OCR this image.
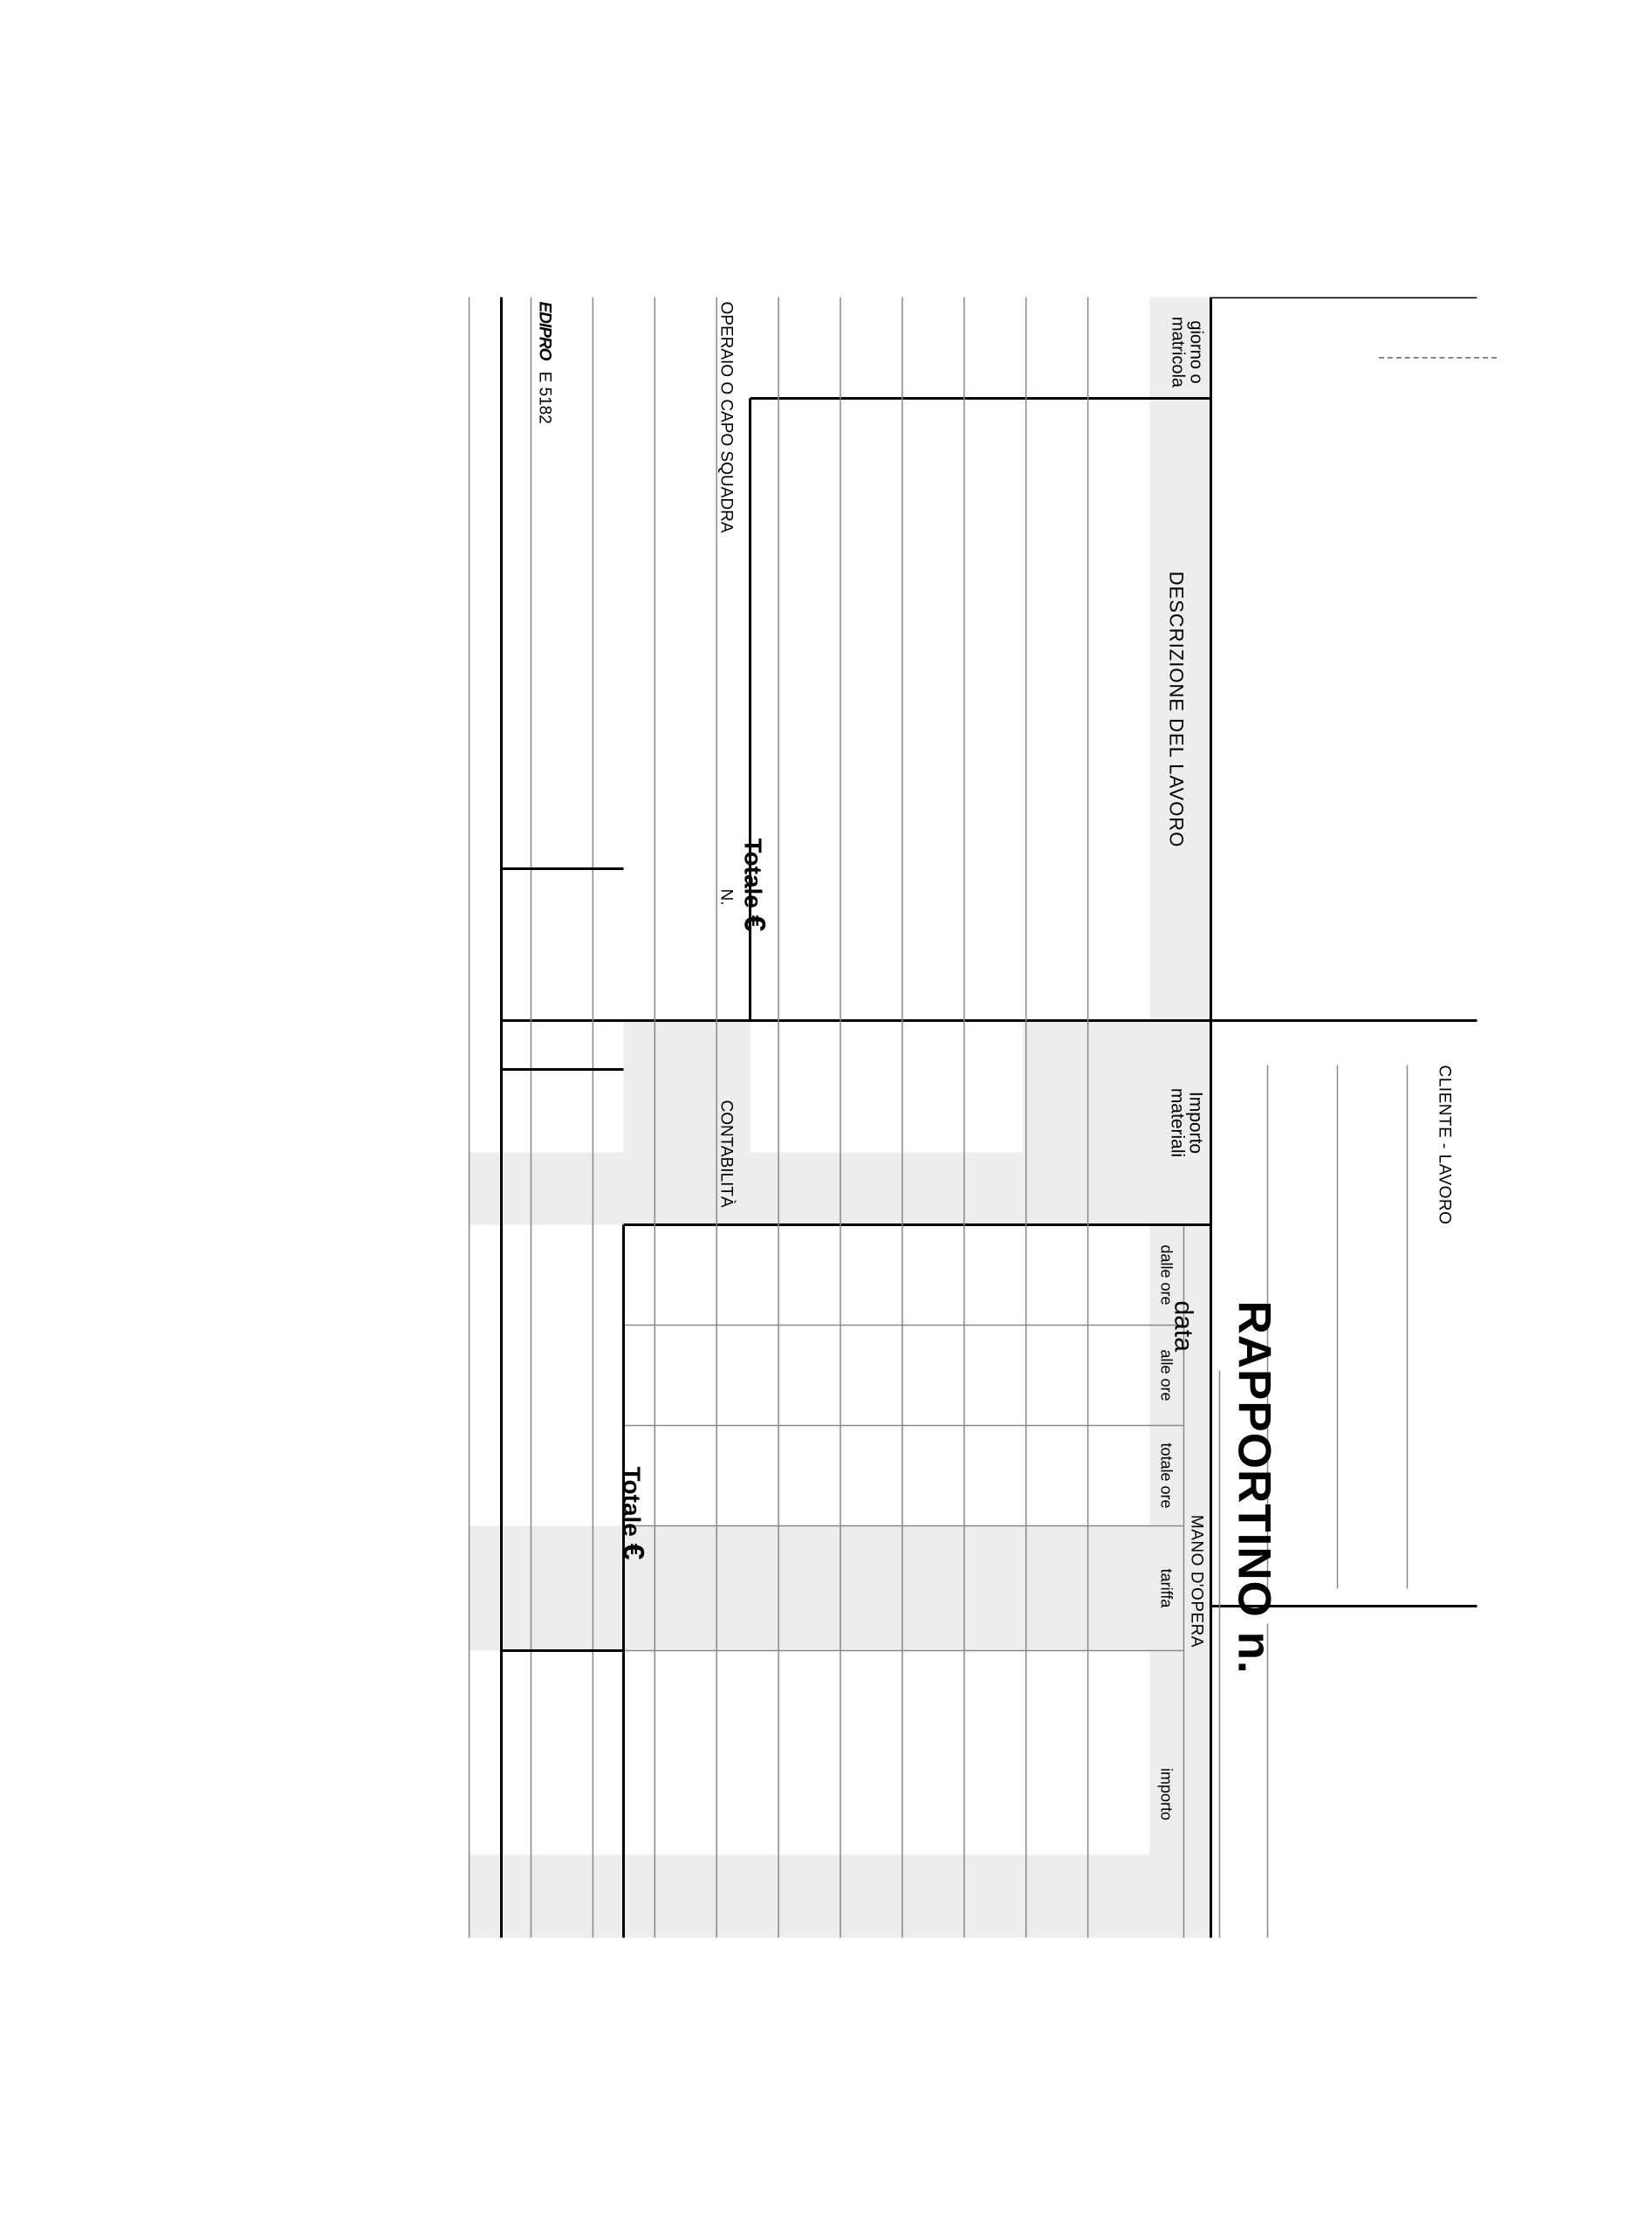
RAPPORTINO n.
CLIENTE - LAVORO
data
giorno o
matricola
DESCRIZIONE DEL LAVORO
Importo
materiali
MANO D'OPERA
dalle ore
alle ore
totale ore
tariffa
importo
Totale €
Totale €
OPERAIO O CAPO SQUADRA
N.
CONTABILITÀ
EDIPRO E 5182
